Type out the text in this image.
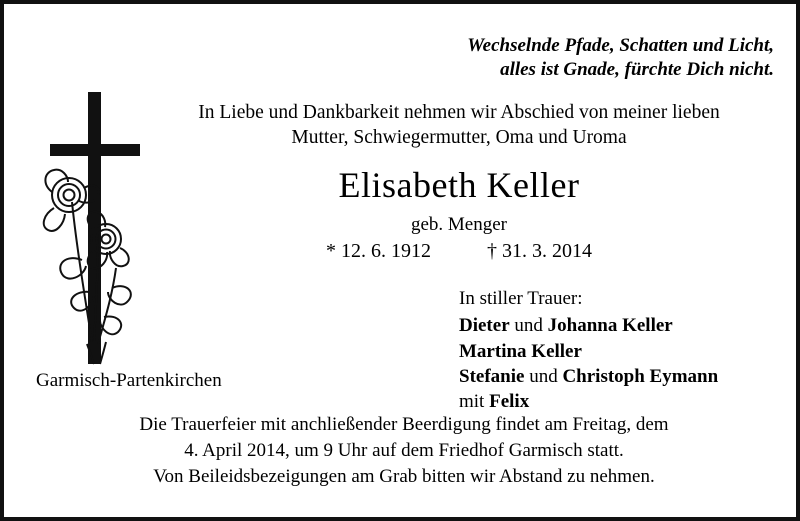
Wechselnde Pfade, Schatten und Licht,
alles ist Gnade, fürchte Dich nicht.
In Liebe und Dankbarkeit nehmen wir Abschied von meiner lieben
Mutter, Schwiegermutter, Oma und Uroma
Elisabeth Keller
geb. Menger
* 12. 6. 1912	† 31. 3. 2014
In stiller Trauer:
Dieter und Johanna Keller
Martina Keller
Stefanie und Christoph Eymann
mit Felix
Garmisch-Partenkirchen
Die Trauerfeier mit anchließender Beerdigung findet am Freitag, dem
4. April 2014, um 9 Uhr auf dem Friedhof Garmisch statt.
Von Beileidsbezeigungen am Grab bitten wir Abstand zu nehmen.
